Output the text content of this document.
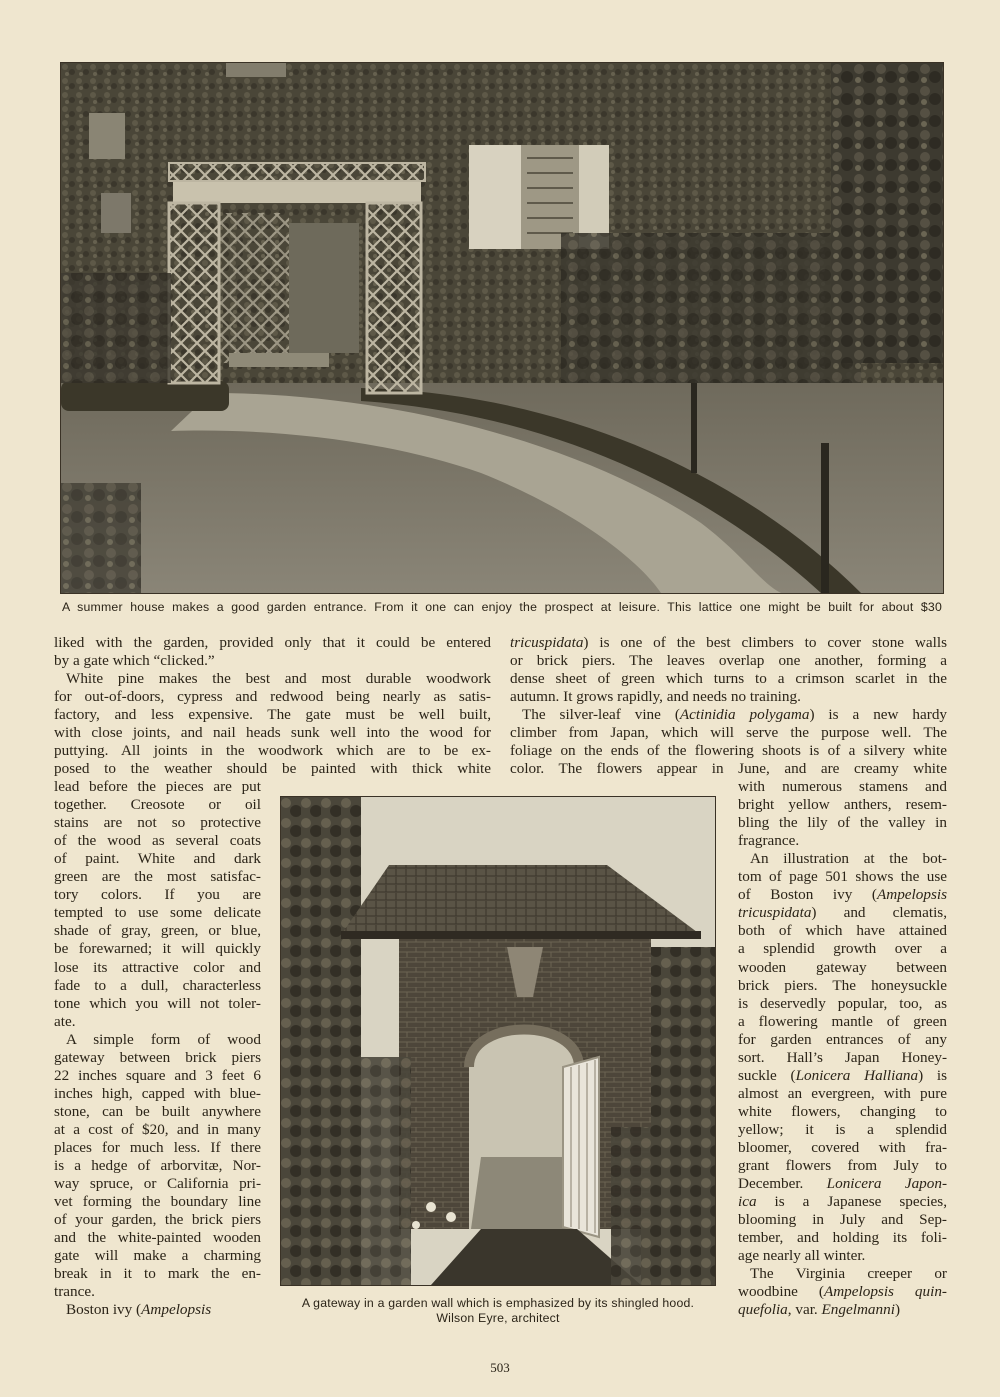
A summer house makes a good garden entrance. From it one can enjoy the prospect at leisure. This lattice one might be built for about $30
A gateway in a garden wall which is emphasized by its shingled hood.
Wilson Eyre, architect
liked with the garden, provided only that it could be entered
by a gate which “clicked.”
White pine makes the best and most durable woodwork
for out-of-doors, cypress and redwood being nearly as satis-
factory, and less expensive. The gate must be well built,
with close joints, and nail heads sunk well into the wood for
puttying. All joints in the woodwork which are to be ex-
posed to the weather should be painted with thick white
lead before the pieces are put
together. Creosote or oil
stains are not so protective
of the wood as several coats
of paint. White and dark
green are the most satisfac-
tory colors. If you are
tempted to use some delicate
shade of gray, green, or blue,
be forewarned; it will quickly
lose its attractive color and
fade to a dull, characterless
tone which you will not toler-
ate.
A simple form of wood
gateway between brick piers
22 inches square and 3 feet 6
inches high, capped with blue-
stone, can be built anywhere
at a cost of $20, and in many
places for much less. If there
is a hedge of arborvitæ, Nor-
way spruce, or California pri-
vet forming the boundary line
of your garden, the brick piers
and the white-painted wooden
gate will make a charming
break in it to mark the en-
trance.
Boston ivy (Ampelopsis
tricuspidata) is one of the best climbers to cover stone walls
or brick piers. The leaves overlap one another, forming a
dense sheet of green which turns to a crimson scarlet in the
autumn. It grows rapidly, and needs no training.
The silver-leaf vine (Actinidia polygama) is a new hardy
climber from Japan, which will serve the purpose well. The
foliage on the ends of the flowering shoots is of a silvery white
color. The flowers appear in June, and are creamy white
with numerous stamens and
bright yellow anthers, resem-
bling the lily of the valley in
fragrance.
An illustration at the bot-
tom of page 501 shows the use
of Boston ivy (Ampelopsis
tricuspidata) and clematis,
both of which have attained
a splendid growth over a
wooden gateway between
brick piers. The honeysuckle
is deservedly popular, too, as
a flowering mantle of green
for garden entrances of any
sort. Hall’s Japan Honey-
suckle (Lonicera Halliana) is
almost an evergreen, with pure
white flowers, changing to
yellow; it is a splendid
bloomer, covered with fra-
grant flowers from July to
December. Lonicera Japon-
ica is a Japanese species,
blooming in July and Sep-
tember, and holding its foli-
age nearly all winter.
The Virginia creeper or
woodbine (Ampelopsis quin-
quefolia, var. Engelmanni)
503
